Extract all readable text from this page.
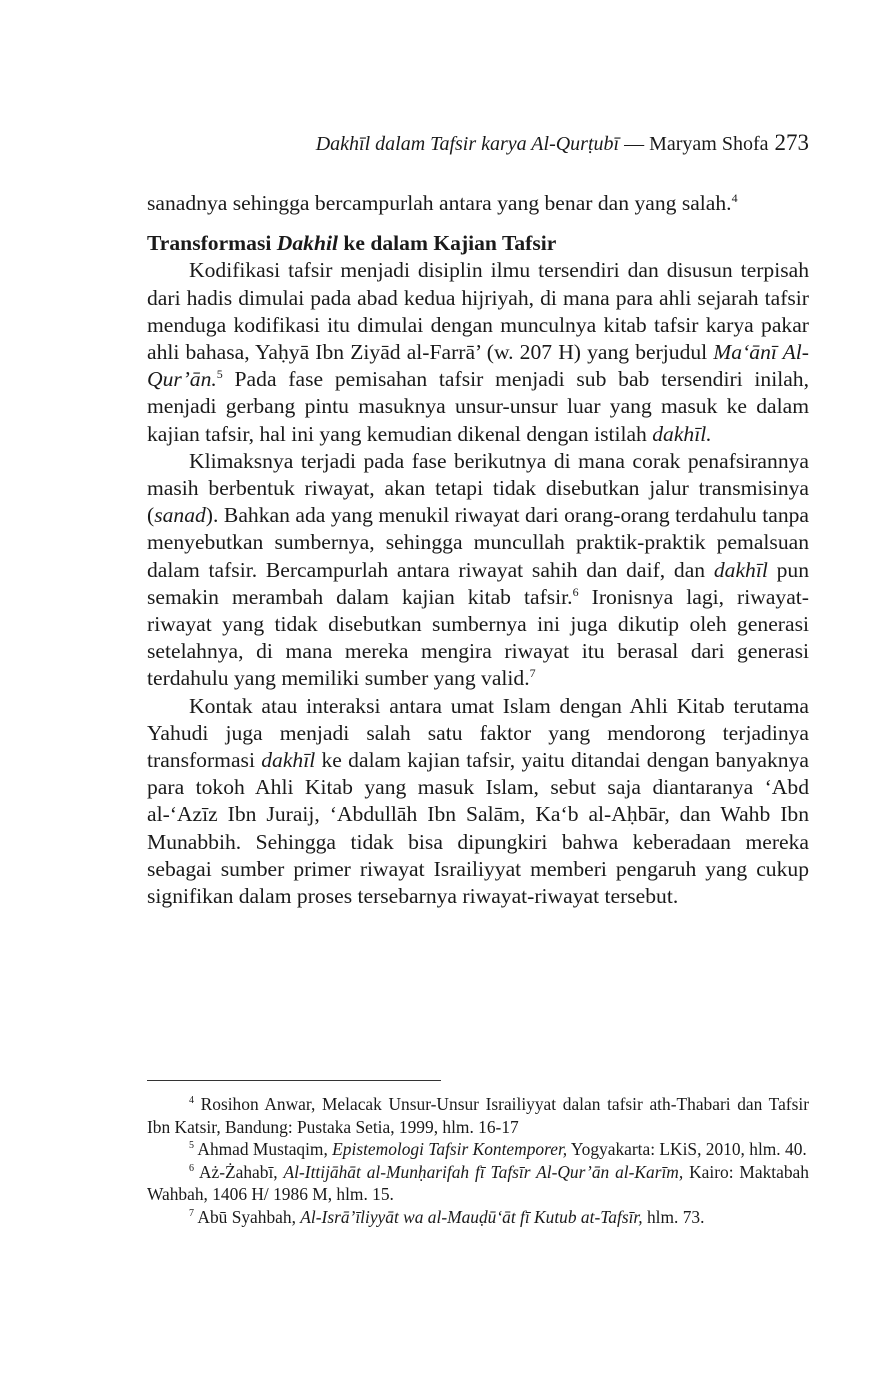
Dakhīl dalam Tafsir karya Al-Qurṭubī — Maryam Shofa 273

sanadnya sehingga bercampurlah antara yang benar dan yang salah.$^4$

Transformasi Dakhil ke dalam Kajian Tafsir

Kodifikasi tafsir menjadi disiplin ilmu tersendiri dan disusun terpisah dari hadis dimulai pada abad kedua hijriyah, di mana para ahli sejarah tafsir menduga kodifikasi itu dimulai dengan munculnya kitab tafsir karya pakar ahli bahasa, Yaḥyā Ibn Ziyād al-Farrā’ (w. 207 H) yang berjudul Ma‘ānī Al-Qur’ān.$^5$ Pada fase pemisahan tafsir menjadi sub bab tersendiri inilah, menjadi gerbang pintu masuknya unsur-unsur luar yang masuk ke dalam kajian tafsir, hal ini yang kemudian dikenal dengan istilah dakhīl.

Klimaksnya terjadi pada fase berikutnya di mana corak penafsirannya masih berbentuk riwayat, akan tetapi tidak disebutkan jalur transmisinya (sanad). Bahkan ada yang menukil riwayat dari orang-orang terdahulu tanpa menyebutkan sumbernya, sehingga muncullah praktik-praktik pemalsuan dalam tafsir. Bercampurlah antara riwayat sahih dan daif, dan dakhīl pun semakin merambah dalam kajian kitab tafsir.$^6$ Ironisnya lagi, riwayat-riwayat yang tidak disebutkan sumbernya ini juga dikutip oleh generasi setelahnya, di mana mereka mengira riwayat itu berasal dari generasi terdahulu yang memiliki sumber yang valid.$^7$

Kontak atau interaksi antara umat Islam dengan Ahli Kitab terutama Yahudi juga menjadi salah satu faktor yang mendorong terjadinya transformasi dakhīl ke dalam kajian tafsir, yaitu ditandai dengan banyaknya para tokoh Ahli Kitab yang masuk Islam, sebut saja diantaranya ‘Abd al-‘Azīz Ibn Juraij, ‘Abdullāh Ibn Salām, Ka‘b al-Aḥbār, dan Wahb Ibn Munabbih. Sehingga tidak bisa dipungkiri bahwa keberadaan mereka sebagai sumber primer riwayat Israiliyyat memberi pengaruh yang cukup signifikan dalam proses tersebarnya riwayat-riwayat tersebut.

$^4$ Rosihon Anwar, Melacak Unsur-Unsur Israiliyyat dalan tafsir ath-Thabari dan Tafsir Ibn Katsir, Bandung: Pustaka Setia, 1999, hlm. 16-17

$^5$ Ahmad Mustaqim, Epistemologi Tafsir Kontemporer, Yogyakarta: LKiS, 2010, hlm. 40.

$^6$ Aż-Żahabī, Al-Ittijāhāt al-Munḥarifah fī Tafsīr Al-Qur’ān al-Karīm, Kairo: Maktabah Wahbah, 1406 H/ 1986 M, hlm. 15.

$^7$ Abū Syahbah, Al-Isrā’īliyyāt wa al-Mauḍū‘āt fī Kutub at-Tafsīr, hlm. 73.
